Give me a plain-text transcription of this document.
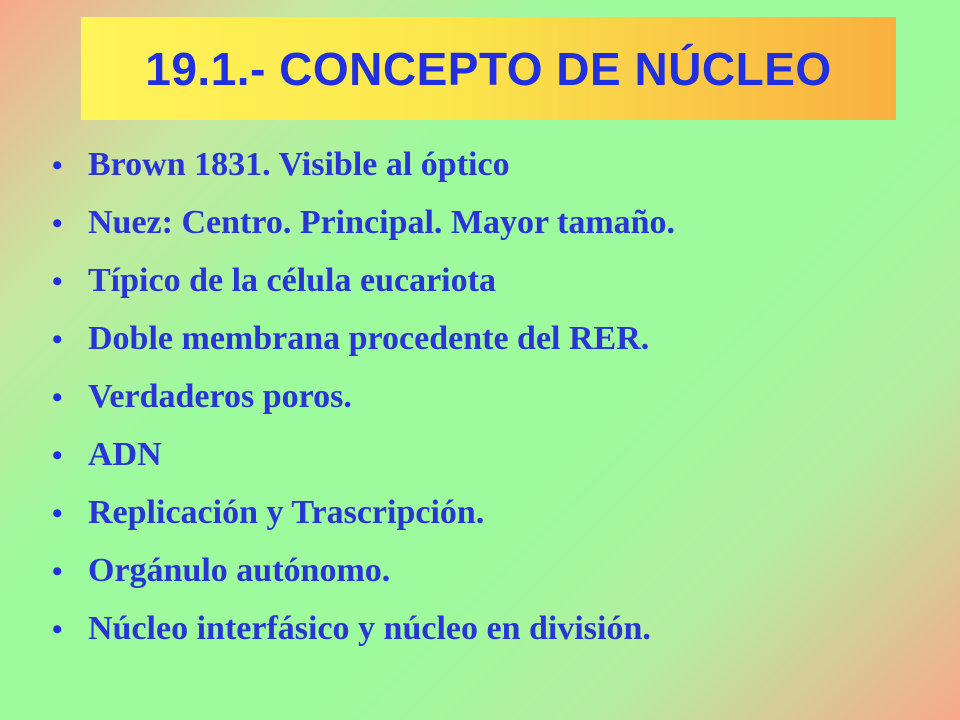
19.1.- CONCEPTO DE NÚCLEO
• Brown 1831. Visible al óptico
• Nuez: Centro. Principal. Mayor tamaño.
• Típico de la célula eucariota
• Doble membrana procedente del RER.
• Verdaderos poros.
• ADN
• Replicación y Trascripción.
• Orgánulo autónomo.
• Núcleo interfásico y núcleo en división.
